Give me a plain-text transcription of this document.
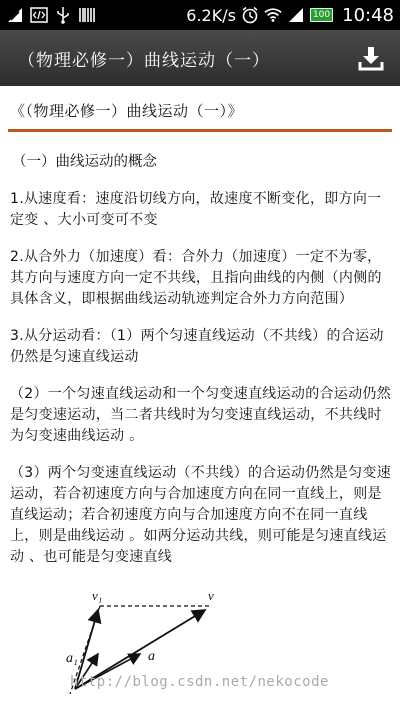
6.2K/s	100 10:48
（物理必修一）曲线运动（一）
《（物理必修一）曲线运动（一）》
（一）曲线运动的概念

1.从速度看：速度沿切线方向，故速度不断变化，即方向一定变 、大小可变可不变

2.从合外力（加速度）看：合外力（加速度）一定不为零，其方向与速度方向一定不共线，且指向曲线的内侧（内侧的具体含义，即根据曲线运动轨迹判定合外力方向范围）

3.从分运动看：（1）两个匀速直线运动（不共线）的合运动仍然是匀速直线运动

（2）一个匀速直线运动和一个匀变速直线运动的合运动仍然是匀变速运动，当二者共线时为匀变速直线运动，不共线时为匀变速曲线运动 。

（3）两个匀变速直线运动（不共线）的合运动仍然是匀变速运动，若合初速度方向与合加速度方向在同一直线上，则是直线运动；若合初速度方向与合加速度方向不在同一直线上，则是曲线运动 。如两分运动共线，则可能是匀速直线运动 、也可能是匀变速直线

v₁	v
a₁	a
http://blog.csdn.net/nekocode
